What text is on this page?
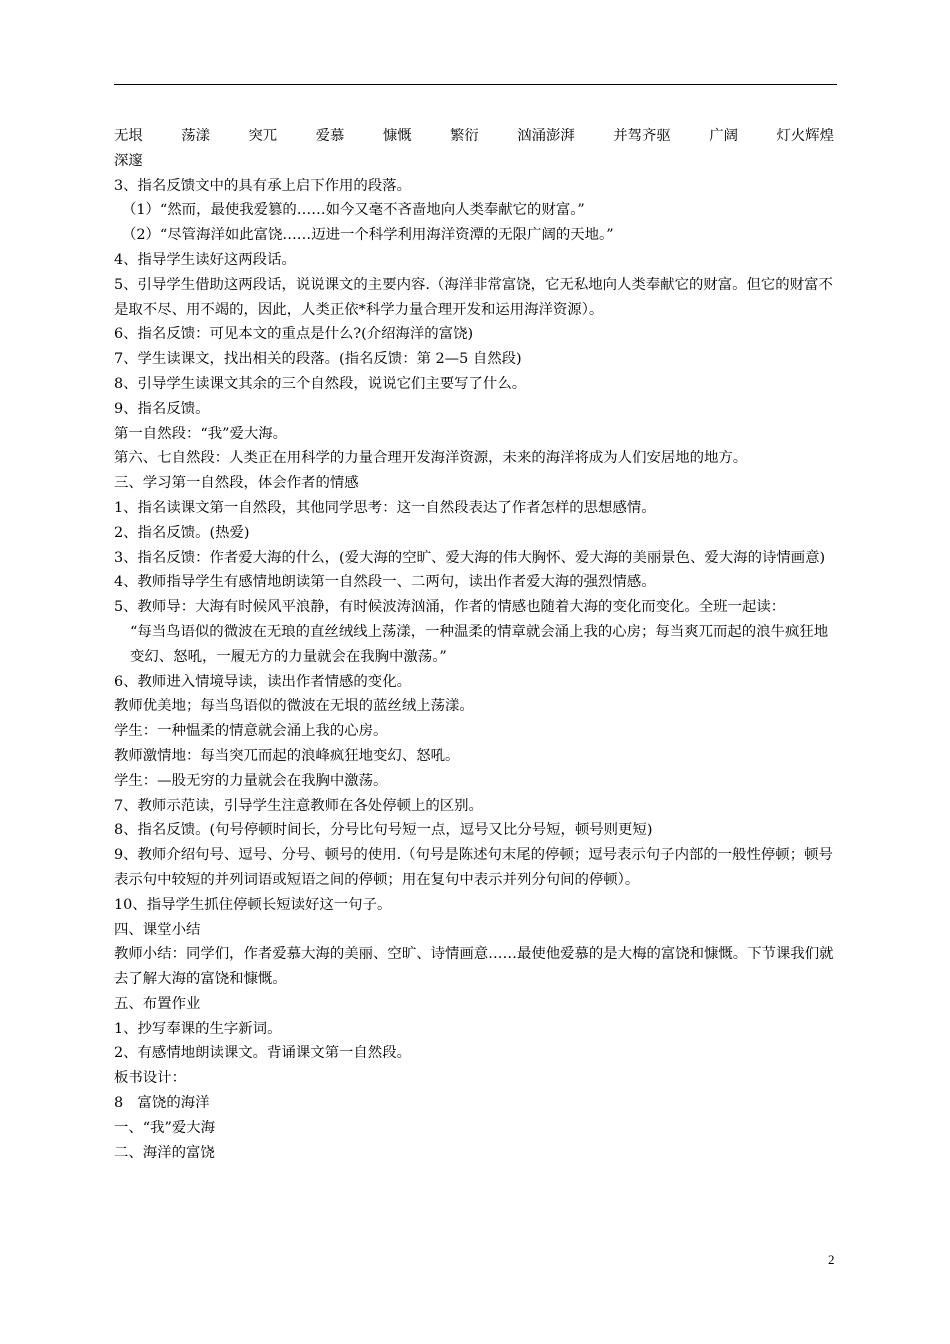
无垠	荡漾	突兀	爱慕	慷慨	繁衍	汹涌澎湃	并驾齐驱	广阔	灯火辉煌
深邃
3、指名反馈文中的具有承上启下作用的段落。
（1）“然而，最使我爱篡的……如今又毫不吝啬地向人类奉献它的财富。”
（2）“尽管海洋如此富饶……迈进一个科学利用海洋资潭的无限广阔的天地。”
4、指导学生读好这两段话。
5、引导学生借助这两段话，说说课文的主要内容.（海洋非常富饶，它无私地向人类奉献它的财富。但它的财富不是取不尽、用不竭的，因此，人类正依*科学力量合理开发和运用海洋资源）。
6、指名反馈：可见本文的重点是什么?(介绍海洋的富饶)
7、学生读课文，找出相关的段落。(指名反馈：第 2—5 自然段)
8、引导学生读课文其余的三个自然段，说说它们主要写了什么。
9、指名反馈。
第一自然段：“我”爱大海。
第六、七自然段：人类正在用科学的力量合理开发海洋资源，未来的海洋将成为人们安居地的地方。
三、学习第一自然段，体会作者的情感
1、指名读课文第一自然段，其他同学思考：这一自然段表达了作者怎样的思想感情。
2、指名反馈。(热爱)
3、指名反馈：作者爱大海的什么，(爱大海的空旷、爱大海的伟大胸怀、爱大海的美丽景色、爱大海的诗情画意)
4、教师指导学生有感情地朗读第一自然段一、二两句，读出作者爱大海的强烈情感。
5、教师导：大海有时候风平浪静，有时候波涛汹涌，作者的情感也随着大海的变化而变化。全班一起读：
“每当鸟语似的微波在无琅的直丝绒线上荡漾，一种温柔的情章就会涌上我的心房；每当爽兀而起的浪牛疯狂地变幻、怒吼，一履无方的力量就会在我胸中激荡。”
6、教师进入情境导读，读出作者情感的变化。
教师优美地；每当鸟语似的微波在无垠的蓝丝绒上荡漾。
学生：一种愠柔的情意就会涌上我的心房。
教师激情地：每当突兀而起的浪峰疯狂地变幻、怒吼。
学生：—股无穷的力量就会在我胸中激荡。
7、教师示范读，引导学生注意教师在各处停顿上的区别。
8、指名反馈。(句号停顿时间长，分号比句号短一点，逗号又比分号短，顿号则更短)
9、教师介绍句号、逗号、分号、顿号的使用.（句号是陈述句末尾的停顿；逗号表示句子内部的一般性停顿；顿号表示句中较短的并列词语或短语之间的停顿；用在复句中表示并列分句间的停顿）。
10、指导学生抓住停顿长短读好这一句子。
四、课堂小结
教师小结：同学们，作者爱慕大海的美丽、空旷、诗情画意……最使他爱慕的是大梅的富饶和慷慨。下节课我们就去了解大海的富饶和慷慨。
五、布置作业
1、抄写奉课的生字新词。
2、有感情地朗读课文。背诵课文第一自然段。
板书设计：
8　富饶的海洋
一、“我”爱大海
二、海洋的富饶
2
